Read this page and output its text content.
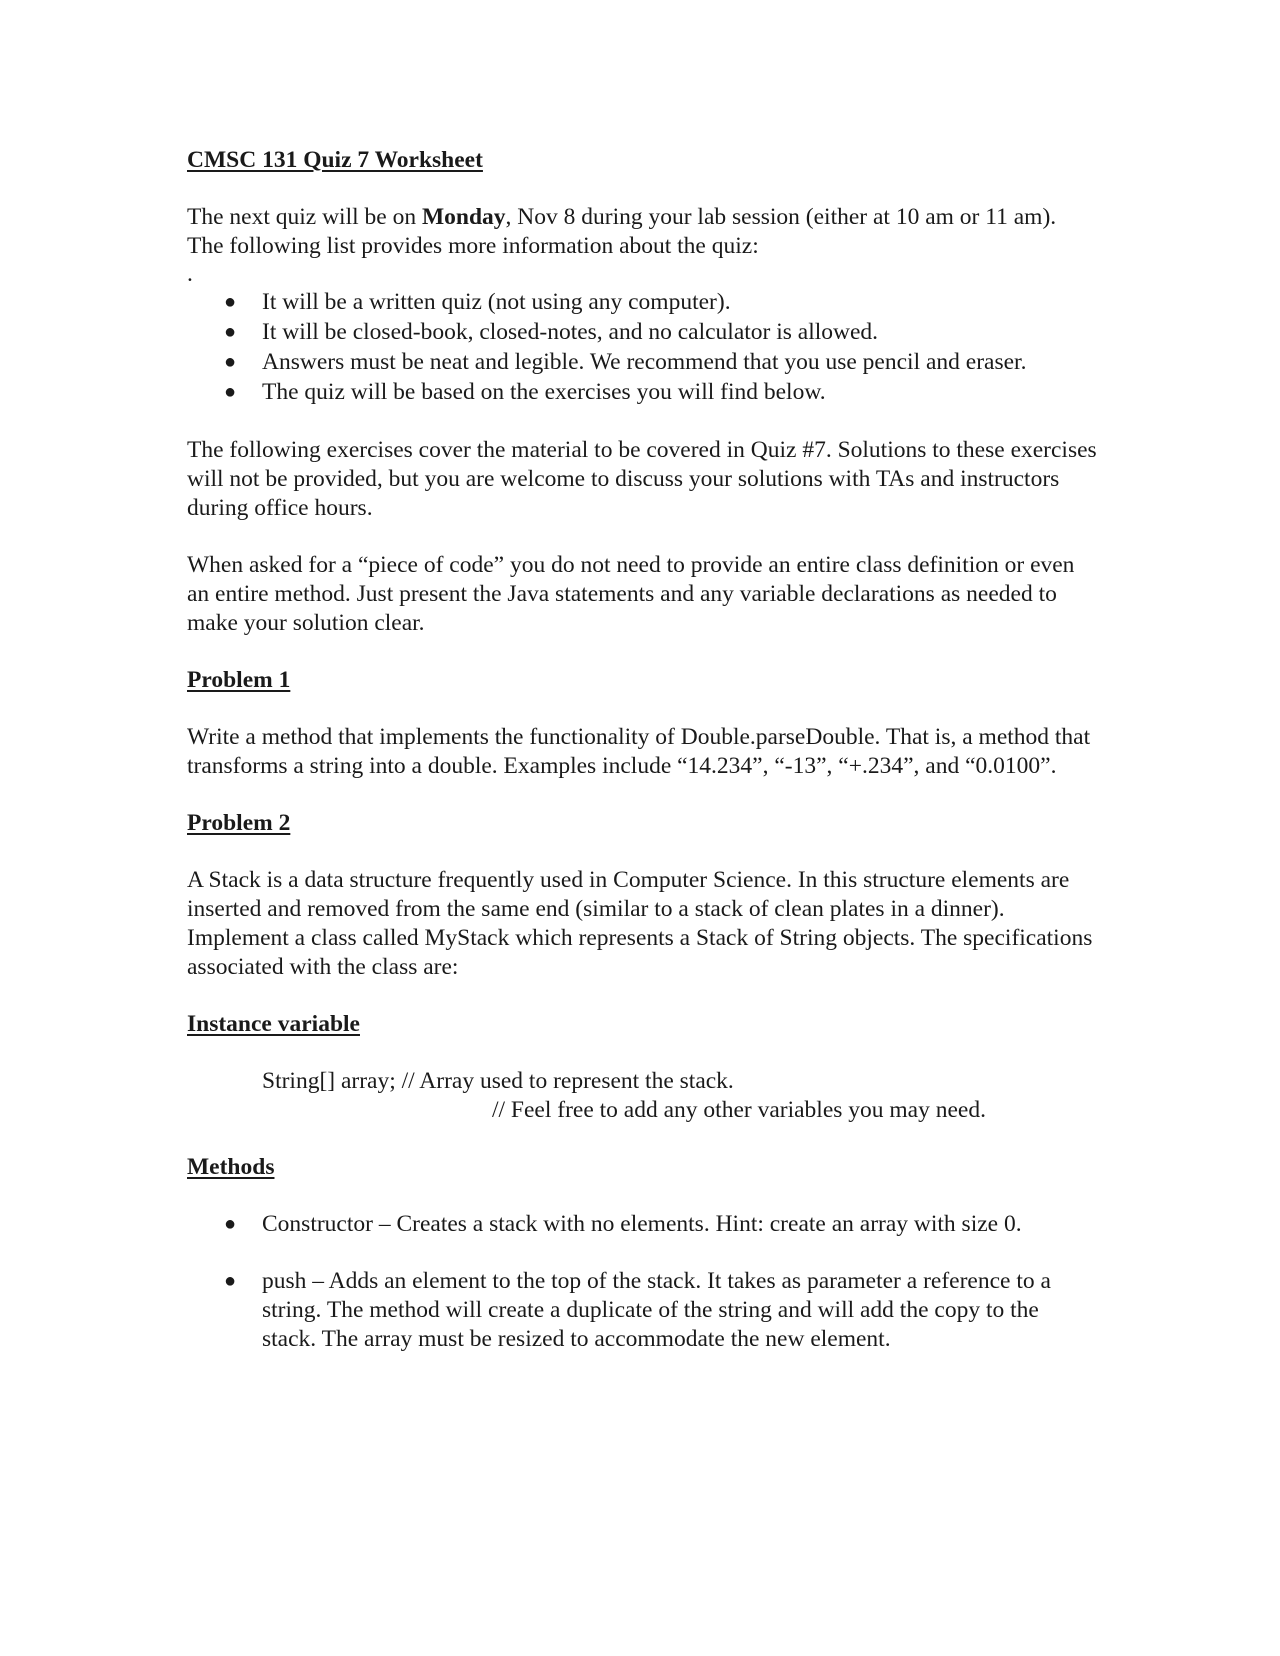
CMSC 131 Quiz 7 Worksheet

The next quiz will be on Monday, Nov 8 during your lab session (either at 10 am or 11 am). The following list provides more information about the quiz:

.
● It will be a written quiz (not using any computer).
● It will be closed-book, closed-notes, and no calculator is allowed.
● Answers must be neat and legible. We recommend that you use pencil and eraser.
● The quiz will be based on the exercises you will find below.

The following exercises cover the material to be covered in Quiz #7. Solutions to these exercises will not be provided, but you are welcome to discuss your solutions with TAs and instructors during office hours.

When asked for a “piece of code” you do not need to provide an entire class definition or even an entire method. Just present the Java statements and any variable declarations as needed to make your solution clear.

Problem 1

Write a method that implements the functionality of Double.parseDouble. That is, a method that transforms a string into a double. Examples include “14.234”, “-13”, “+.234”, and “0.0100”.

Problem 2

A Stack is a data structure frequently used in Computer Science. In this structure elements are inserted and removed from the same end (similar to a stack of clean plates in a dinner). Implement a class called MyStack which represents a Stack of String objects. The specifications associated with the class are:

Instance variable

String[] array; // Array used to represent the stack.

// Feel free to add any other variables you may need.

Methods

● Constructor – Creates a stack with no elements. Hint: create an array with size 0.
● push – Adds an element to the top of the stack. It takes as parameter a reference to a string. The method will create a duplicate of the string and will add the copy to the stack. The array must be resized to accommodate the new element.
